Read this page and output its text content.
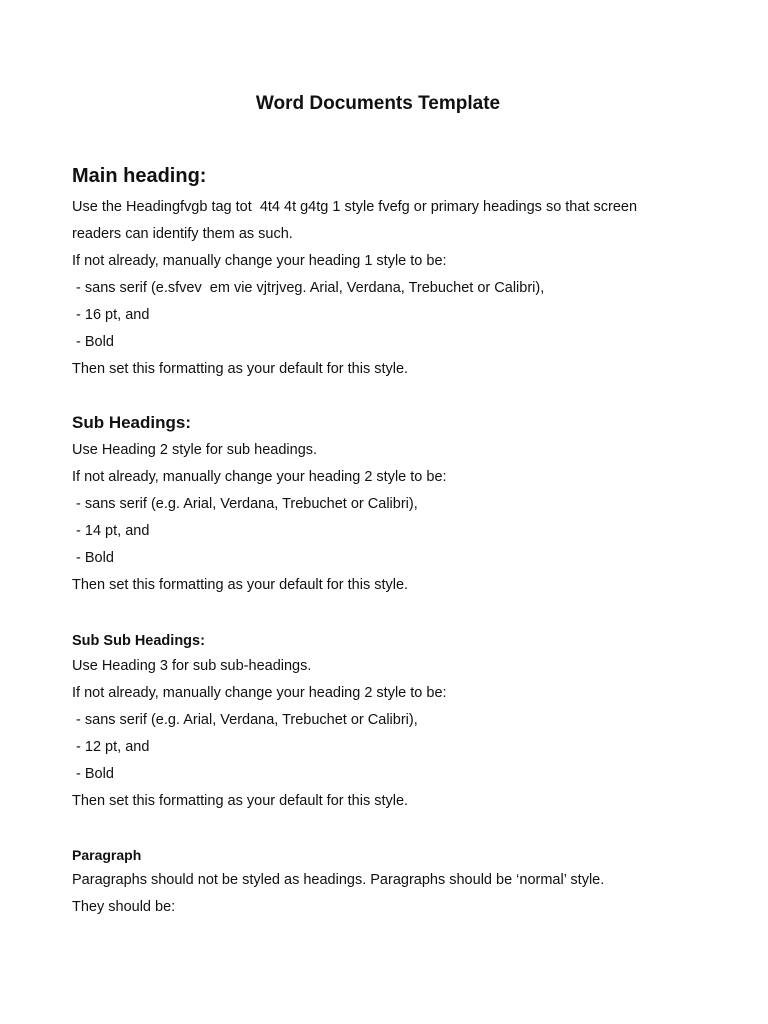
Word Documents Template
Main heading:

Use the Headingfvgb tag tot  4t4 4t g4tg 1 style fvefg or primary headings so that screen

readers can identify them as such.

If not already, manually change your heading 1 style to be:

- sans serif (e.sfvev  em vie vjtrjveg. Arial, Verdana, Trebuchet or Calibri),

- 16 pt, and

- Bold

Then set this formatting as your default for this style.

Sub Headings:

Use Heading 2 style for sub headings.

If not already, manually change your heading 2 style to be:

- sans serif (e.g. Arial, Verdana, Trebuchet or Calibri),

- 14 pt, and

- Bold

Then set this formatting as your default for this style.

Sub Sub Headings:

Use Heading 3 for sub sub-headings.

If not already, manually change your heading 2 style to be:

- sans serif (e.g. Arial, Verdana, Trebuchet or Calibri),

- 12 pt, and

- Bold

Then set this formatting as your default for this style.

Paragraph

Paragraphs should not be styled as headings. Paragraphs should be ‘normal’ style.

They should be:
